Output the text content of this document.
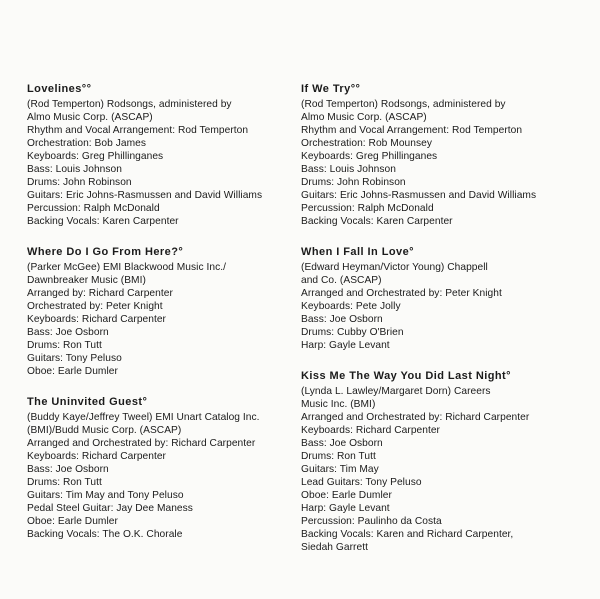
Lovelines°°
(Rod Temperton) Rodsongs, administered by
Almo Music Corp. (ASCAP)
Rhythm and Vocal Arrangement: Rod Temperton
Orchestration: Bob James
Keyboards: Greg Phillinganes
Bass: Louis Johnson
Drums: John Robinson
Guitars: Eric Johns-Rasmussen and David Williams
Percussion: Ralph McDonald
Backing Vocals: Karen Carpenter
Where Do I Go From Here?°
(Parker McGee) EMI Blackwood Music Inc./
Dawnbreaker Music (BMI)
Arranged by: Richard Carpenter
Orchestrated by: Peter Knight
Keyboards: Richard Carpenter
Bass: Joe Osborn
Drums: Ron Tutt
Guitars: Tony Peluso
Oboe: Earle Dumler
The Uninvited Guest°
(Buddy Kaye/Jeffrey Tweel) EMI Unart Catalog Inc.
(BMI)/Budd Music Corp. (ASCAP)
Arranged and Orchestrated by: Richard Carpenter
Keyboards: Richard Carpenter
Bass: Joe Osborn
Drums: Ron Tutt
Guitars: Tim May and Tony Peluso
Pedal Steel Guitar: Jay Dee Maness
Oboe: Earle Dumler
Backing Vocals: The O.K. Chorale
If We Try°°
(Rod Temperton) Rodsongs, administered by
Almo Music Corp. (ASCAP)
Rhythm and Vocal Arrangement: Rod Temperton
Orchestration: Rob Mounsey
Keyboards: Greg Phillinganes
Bass: Louis Johnson
Drums: John Robinson
Guitars: Eric Johns-Rasmussen and David Williams
Percussion: Ralph McDonald
Backing Vocals: Karen Carpenter
When I Fall In Love°
(Edward Heyman/Victor Young) Chappell
and Co. (ASCAP)
Arranged and Orchestrated by: Peter Knight
Keyboards: Pete Jolly
Bass: Joe Osborn
Drums: Cubby O'Brien
Harp: Gayle Levant
Kiss Me The Way You Did Last Night°
(Lynda L. Lawley/Margaret Dorn) Careers
Music Inc. (BMI)
Arranged and Orchestrated by: Richard Carpenter
Keyboards: Richard Carpenter
Bass: Joe Osborn
Drums: Ron Tutt
Guitars: Tim May
Lead Guitars: Tony Peluso
Oboe: Earle Dumler
Harp: Gayle Levant
Percussion: Paulinho da Costa
Backing Vocals: Karen and Richard Carpenter,
Siedah Garrett
